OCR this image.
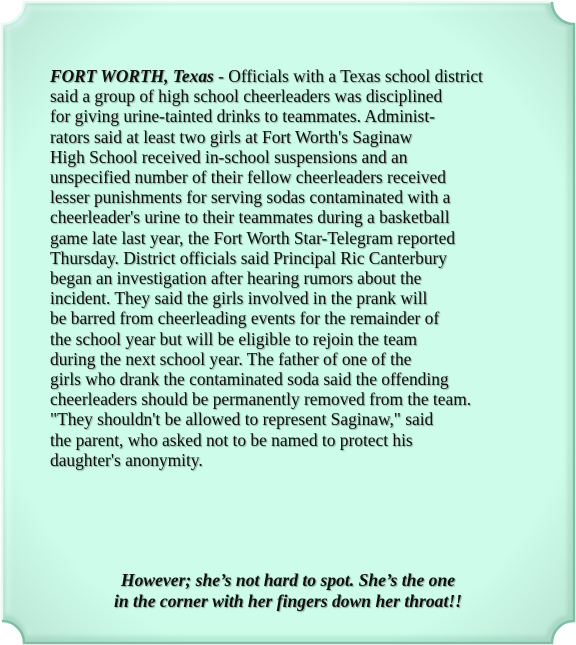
FORT WORTH, Texas - Officials with a Texas school district
said a group of high school cheerleaders was disciplined
for giving urine-tainted drinks to teammates. Administ-
rators said at least two girls at Fort Worth's Saginaw
High School received in-school suspensions and an
unspecified number of their fellow cheerleaders received
lesser punishments for serving sodas contaminated with a
cheerleader's urine to their teammates during a basketball
game late last year, the Fort Worth Star-Telegram reported
Thursday. District officials said Principal Ric Canterbury
began an investigation after hearing rumors about the
incident. They said the girls involved in the prank will
be barred from cheerleading events for the remainder of
the school year but will be eligible to rejoin the team
during the next school year. The father of one of the
girls who drank the contaminated soda said the offending
cheerleaders should be permanently removed from the team.
"They shouldn't be allowed to represent Saginaw," said
the parent, who asked not to be named to protect his
daughter's anonymity.
However; she’s not hard to spot. She’s the one
in the corner with her fingers down her throat!!
